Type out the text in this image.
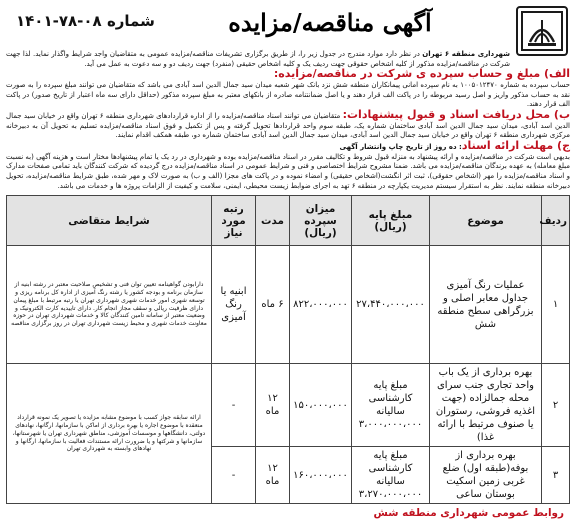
آگهی مناقصه/مزایده
شماره ۱۴۰۱-۷۸-۰۸
شهرداری منطقه ۶ تهران در نظر دارد موارد مندرج در جدول زیر را، از طریق برگزاری تشریفات مناقصه/مزایده عمومی به متقاضیان واجد شرایط واگذار نماید. لذا جهت شرکت در مناقصه/مزایده مذکور از کلیه اشخاص حقوقی جهت ردیف یک و کلیه اشخاص حقیقی (منفرد) جهت ردیف دو و سه دعوت به عمل می آید.
الف) مبلغ و حساب سپرده ی شرکت در مناقصه/مزایده:
حساب سپرده به شماره ۱۰۰۵۰۱۲۴۷۰ به نام سپرده امانی پیمانکاران منطقه شش نزد بانک شهر شعبه میدان سید جمال الدین اسد آبادی می باشد که متقاضیان می توانند مبلغ سپرده را به صورت نقد به حساب مذکور واریز و اصل رسید مربوطه را در پاکت الف قرار دهند و یا اصل ضمانتنامه صادره از بانکهای معتبر به مبلغ سپرده مذکور (حداقل دارای سه ماه اعتبار از تاریخ صدور) در پاکت الف قرار دهند.
ب) محل دریافت اسناد و قبول پیشنهادات: متقاضیان می توانند اسناد مناقصه/مزایده را از اداره قراردادهای شهرداری منطقه ۶ تهران واقع در خیابان سید جمال الدین اسد آبادی، میدان سید جمال الدین اسد آبادی ساختمان شماره یک، طبقه سوم واحد قراردادها تحویل گرفته و پس از تکمیل و فوق اسناد مناقصه/مزایده تسلیم به تحویل آن به دبیرخانه مرکزی شهرداری منطقه ۶ تهران واقع در خیابان سید جمال الدین اسد آبادی، میدان سید جمال الدین اسد آبادی ساختمان شماره دو، طبقه همکف اقدام نمایند.
ج) مهلت ارائه اسناد: ده روز از تاریخ چاپ وانتشار آگهی
بدیهی است شرکت در مناقصه/مزایده و ارائه پیشنهاد به منزله قبول شروط و تکالیف مقرر در اسناد مناقصه/مزایده بوده و شهرداری در رد یک یا تمام پیشنهادها مختار است و هزینه آگهی (به نسبت مبلغ معامله) به عهده برندگان مناقصه/مزایده می باشد. ضمنا مشروح شرایط اختصاصی و فنی و شرایط عمومی در اسناد مناقصه/مزایده درج گردیده که شرکت کنندگان باید تمامی صفحات مدارک و اسناد مناقصه/مزایده را مهر (اشخاص حقوقی)، ثبت اثر انگشت(اشخاص حقیقی) و امضاء نموده و در پاکت های مجزا (الف و ب) به صورت لاک و مهر شده، طبق شرایط مناقصه/مزایده، تحویل دبیرخانه منطقه نمایند. نظر به استقرار سیستم مدیریت یکپارچه در منطقه ۶ تهد به اجرای ضوابط زیست محیطی، ایمنی، سلامت و کیفیت از الزامات پروژه ها و خدمات می باشد.
ردیف	موضوع	مبلغ پایه (ریال)	میزان سپرده (ریال)	مدت	رتبه مورد نیاز	شرایط متقاضی
۱	عملیات رنگ آمیزی جداول معابر اصلی و بزرگراهی سطح منطقه شش	۲۷،۴۴۰،۰۰۰،۰۰۰	۸۲۲،۰۰۰،۰۰۰	۶ ماه	ابنیه یا رنگ آمیزی	دارابودن گواهینامه تعیین توان فنی و تشخیص صلاحیت معتبر در رشته ابنیه از سازمان برنامه و بودجه کشور یا رشته رنگ آمیزی از اداره کل برنامه ریزی و توسعه شهری امور خدمات شهری شهرداری تهران یا رتبه مرتبط با مبلغ پیمان دارای ظرفیت ریالی و سقف مجاز انجام کار. دارای تاییدیه کارت الکترونیک و وضعیت معتبر از سامانه تامین کنندگان کالا و خدمات شهرداری تهران در حوزه معاونت خدمات شهری و محیط زیست شهرداری تهران در روز برگزاری مناقصه
۲	بهره برداری از یک باب واحد تجاری جنب سرای محله جمالزاده (جهت اغذیه فروشی، رستوران یا صنوف مرتبط با ارائه غذا)	مبلغ پایه کارشناسی سالیانه ۳،۰۰۰،۰۰۰،۰۰۰	۱۵۰،۰۰۰،۰۰۰	۱۲ ماه	-	ارائه سابقه جواز کسب با موضوع مشابه مزایده یا تصویر یک نمونه قرارداد منعقده با موضوع اجاره یا بهره برداری از اماکن با سازمانها، ارگانها، نهادهای دولتی، دانشگاهها و موسسات آموزشی، مناطق شهرداری تهران یا شهرستانها، سازمانها و شرکتها و یا ضرورت ارائه مستندات فعالیت با سازمانها، ارگانها و نهادهای وابسته به شهرداری تهران
۳	بهره برداری از بوفه(طبقه اول) ضلع غربی زمین اسکیت بوستان ساعی	مبلغ پایه کارشناسی سالیانه ۳،۲۷۰،۰۰۰،۰۰۰	۱۶۰،۰۰۰،۰۰۰	۱۲ ماه	-	
روابط عمومی شهرداری منطقه شش
